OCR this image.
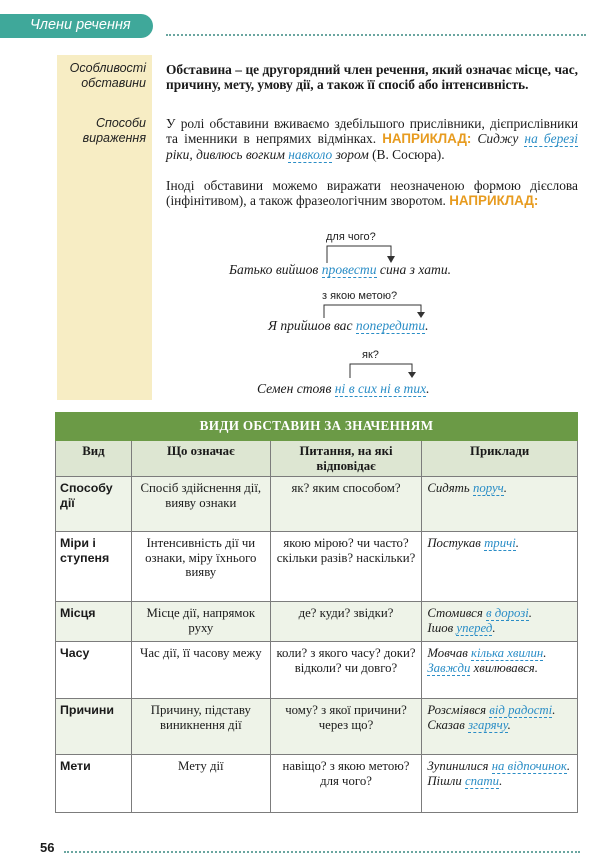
Члени речення
Особливості обставини
Способи вираження
Обставина – це другорядний член речення, який означає місце, час, причину, мету, умову дії, а також її спосіб або інтенсивність.
У ролі обставини вживаємо здебільшого прислівники, дієприслівники та іменники в непрямих відмінках. НАПРИКЛАД: Сиджу на березі ріки, дивлюсь вогким навколо зором (В. Сосюра).
Іноді обставини можемо виражати неозначеною формою дієслова (інфінітивом), а також фразеологічним зворотом. НАПРИКЛАД:
для чого?
Батько вийшов провести сина з хати.
з якою метою?
Я прийшов вас попередити.
як?
Семен стояв ні в сих ні в тих.
ВИДИ ОБСТАВИН ЗА ЗНАЧЕННЯМ			
Вид	Що означає	Питання, на які відповідає	Приклади
Способу дії	Спосіб здійснення дії, вияву ознаки	як? яким способом?	Сидять поруч.
Міри і ступеня	Інтенсивність дії чи ознаки, міру їхнього вияву	якою мірою? чи часто? скільки разів? наскільки?	Постукав тричі.
Місця	Місце дії, напрямок руху	де? куди? звідки?	Стомився в дорозі.
Ішов уперед.
Часу	Час дії, її часову межу	коли? з якого часу? доки? відколи? чи довго?	Мовчав кілька хвилин.
Завжди хвилювався.
Причини	Причину, підставу виникнення дії	чому? з якої причини? через що?	Розсміявся від радості.
Сказав згарячу.
Мети	Мету дії	навіщо? з якою метою? для чого?	Зупинилися на відпочинок.
Пішли спати.
56
